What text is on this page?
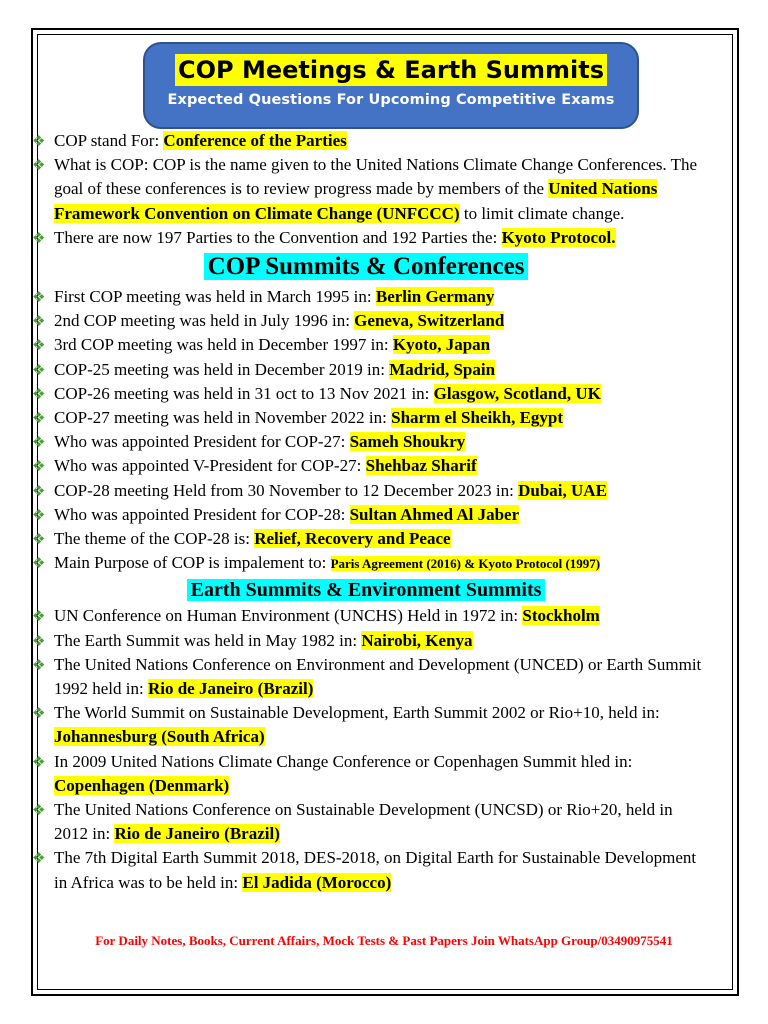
COP Meetings & Earth Summits
Expected Questions For Upcoming Competitive Exams
❖ COP stand For: Conference of the Parties
❖ What is COP: COP is the name given to the United Nations Climate Change Conferences. The goal of these conferences is to review progress made by members of the United Nations Framework Convention on Climate Change (UNFCCC) to limit climate change.
❖ There are now 197 Parties to the Convention and 192 Parties the: Kyoto Protocol.
COP Summits & Conferences
❖ First COP meeting was held in March 1995 in: Berlin Germany
❖ 2nd COP meeting was held in July 1996 in: Geneva, Switzerland
❖ 3rd COP meeting was held in December 1997 in: Kyoto, Japan
❖ COP-25 meeting was held in December 2019 in: Madrid, Spain
❖ COP-26 meeting was held in 31 oct to 13 Nov 2021 in: Glasgow, Scotland, UK
❖ COP-27 meeting was held in November 2022 in: Sharm el Sheikh, Egypt
❖ Who was appointed President for COP-27: Sameh Shoukry
❖ Who was appointed V-President for COP-27: Shehbaz Sharif
❖ COP-28 meeting Held from 30 November to 12 December 2023 in: Dubai, UAE
❖ Who was appointed President for COP-28: Sultan Ahmed Al Jaber
❖ The theme of the COP-28 is: Relief, Recovery and Peace
❖ Main Purpose of COP is impalement to: Paris Agreement (2016) & Kyoto Protocol (1997)
Earth Summits & Environment Summits
❖ UN Conference on Human Environment (UNCHS) Held in 1972 in: Stockholm
❖ The Earth Summit was held in May 1982 in: Nairobi, Kenya
❖ The United Nations Conference on Environment and Development (UNCED) or Earth Summit 1992 held in: Rio de Janeiro (Brazil)
❖ The World Summit on Sustainable Development, Earth Summit 2002 or Rio+10, held in: Johannesburg (South Africa)
❖ In 2009 United Nations Climate Change Conference or Copenhagen Summit hled in: Copenhagen (Denmark)
❖ The United Nations Conference on Sustainable Development (UNCSD) or Rio+20, held in 2012 in: Rio de Janeiro (Brazil)
❖ The 7th Digital Earth Summit 2018, DES-2018, on Digital Earth for Sustainable Development in Africa was to be held in: El Jadida (Morocco)
For Daily Notes, Books, Current Affairs, Mock Tests & Past Papers Join WhatsApp Group/03490975541
